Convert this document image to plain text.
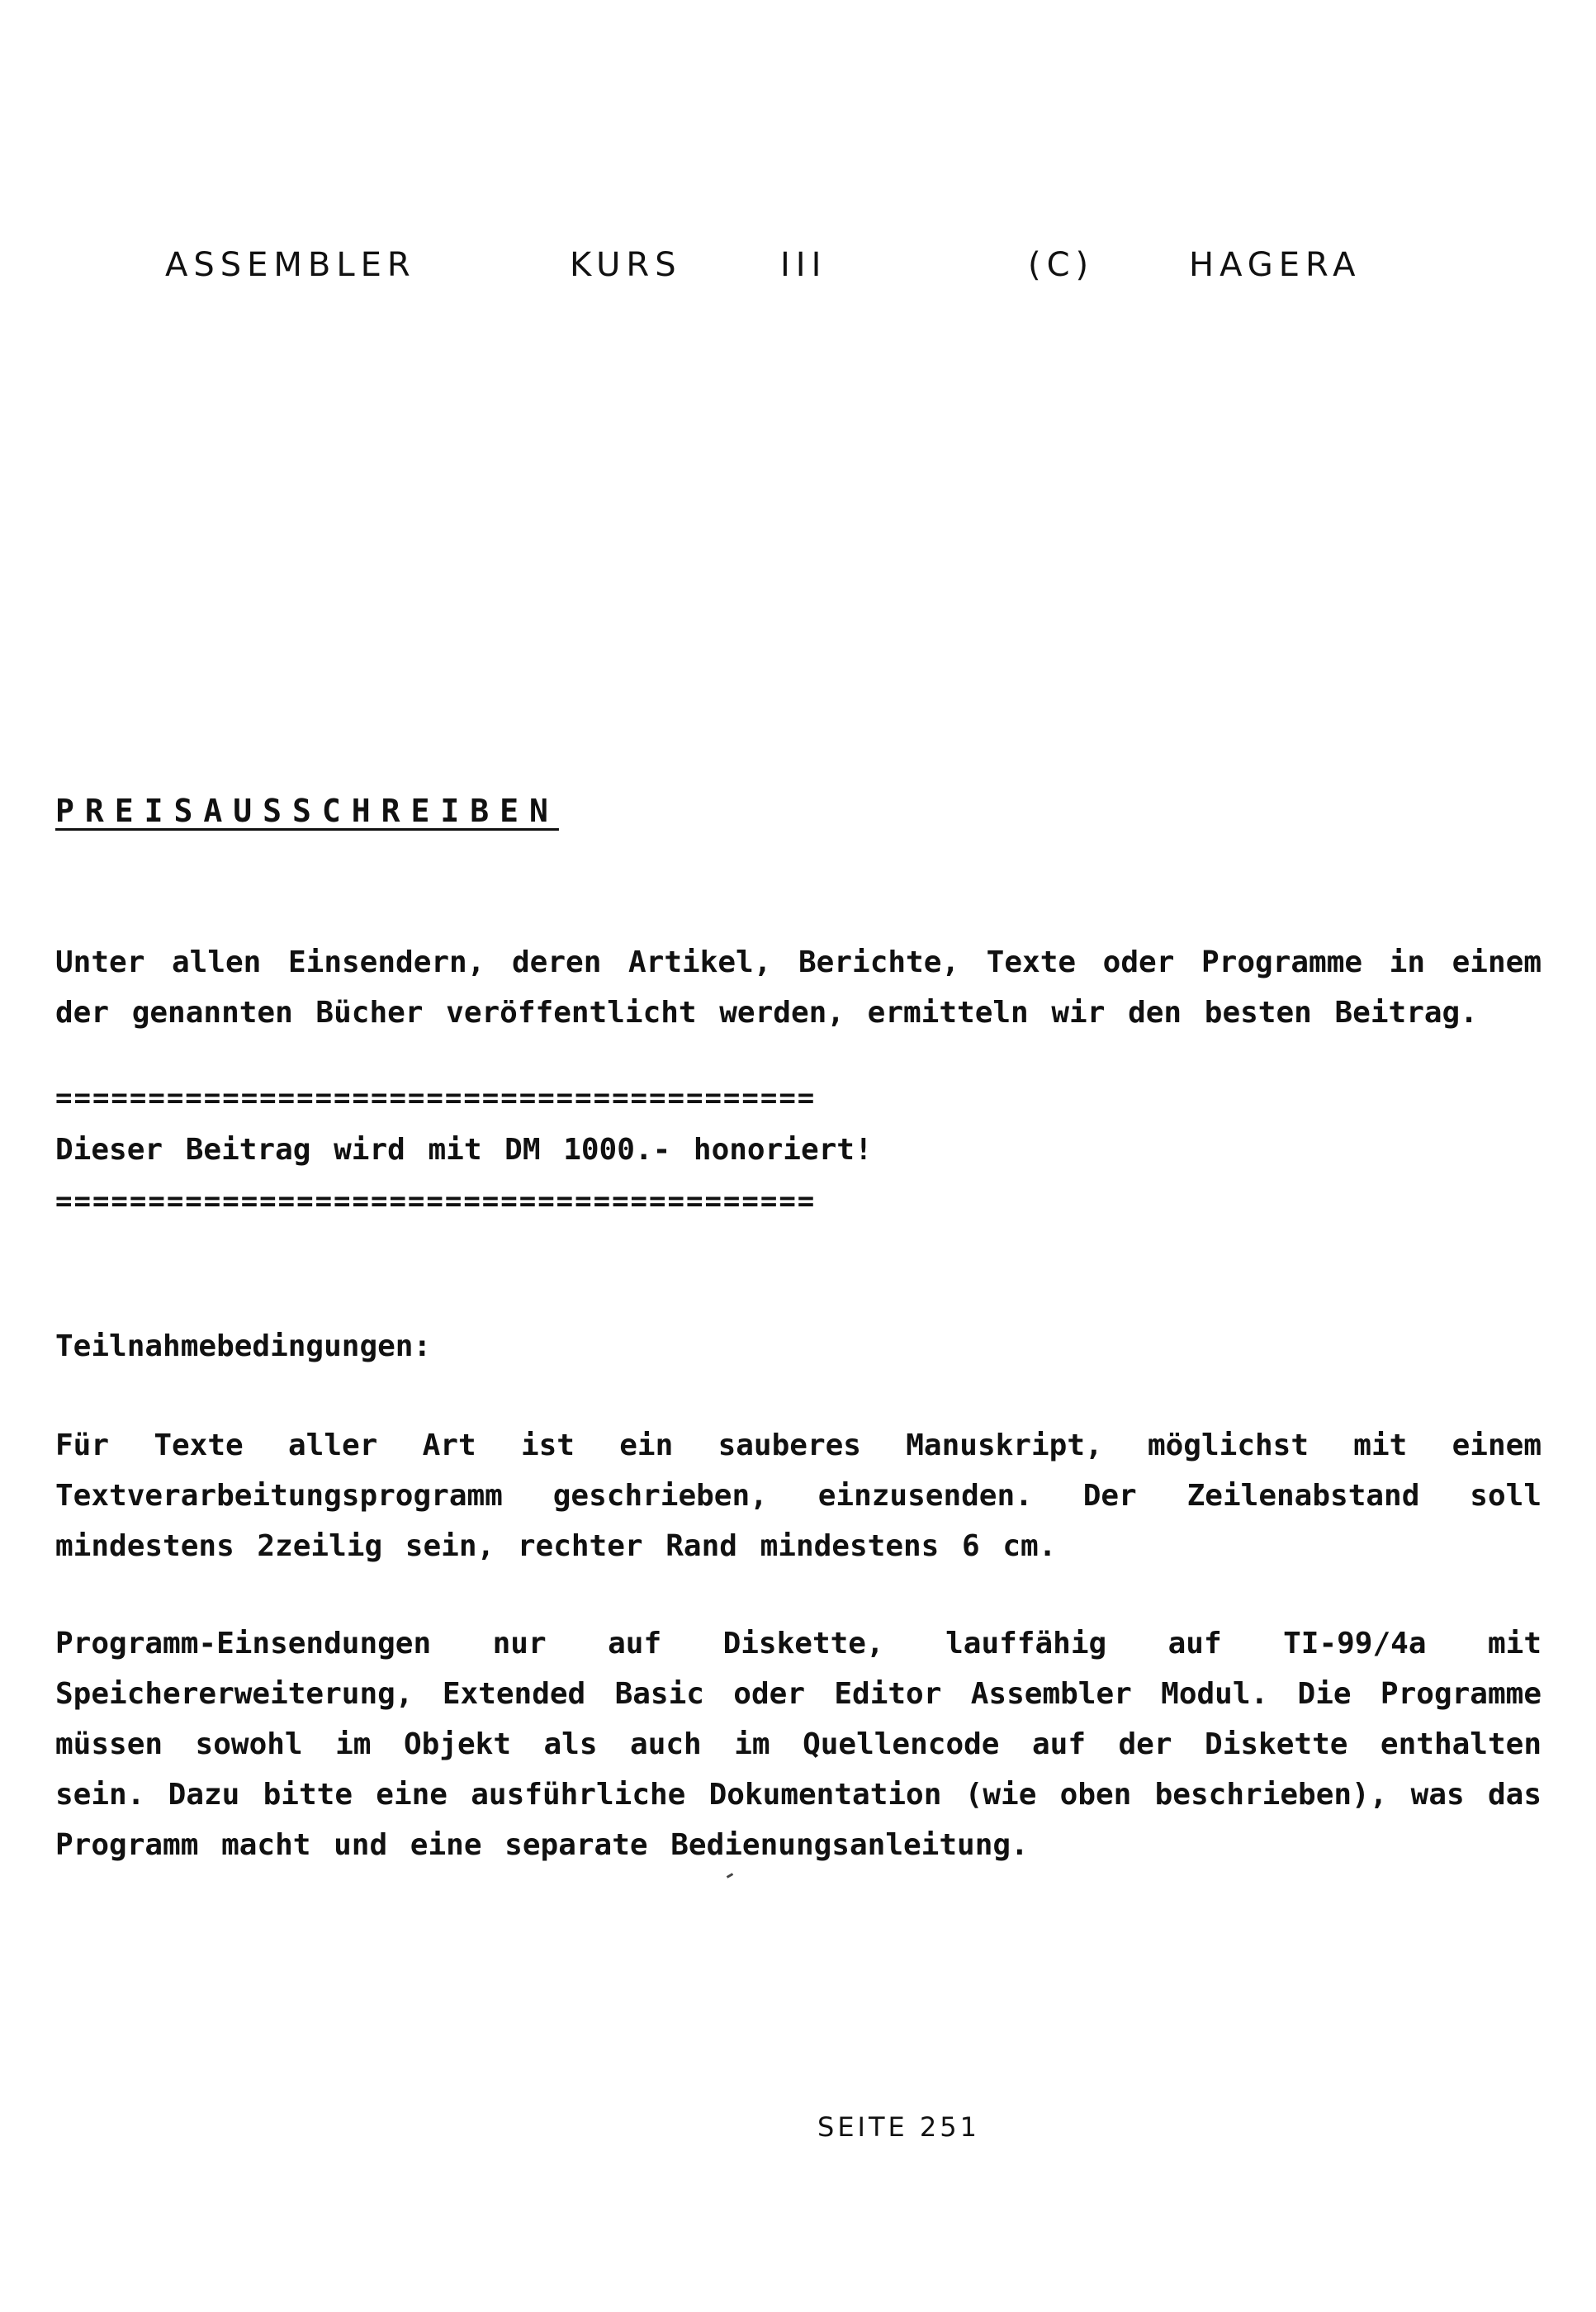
ASSEMBLER	KURS	III	(C)	HAGERA
PREISAUSSCHREIBEN
Unter allen Einsendern, deren Artikel, Berichte, Texte oder Programme in einem der genannten Bücher veröffentlicht werden, ermitteln wir den besten Beitrag.
=========================================
Dieser Beitrag wird mit DM 1000.- honoriert!
=========================================
Teilnahmebedingungen:
Für Texte aller Art ist ein sauberes Manuskript, möglichst mit einem Textverarbeitungsprogramm geschrieben, einzusenden. Der Zeilenabstand soll mindestens 2zeilig sein, rechter Rand mindestens 6 cm.
Programm-Einsendungen nur auf Diskette, lauffähig auf TI-99/4a mit Speichererweiterung, Extended Basic oder Editor Assembler Modul. Die Programme müssen sowohl im Objekt als auch im Quellencode auf der Diskette enthalten sein. Dazu bitte eine ausführliche Dokumentation (wie oben beschrieben), was das Programm macht und eine separate Bedienungsanleitung.
SEITE 251
